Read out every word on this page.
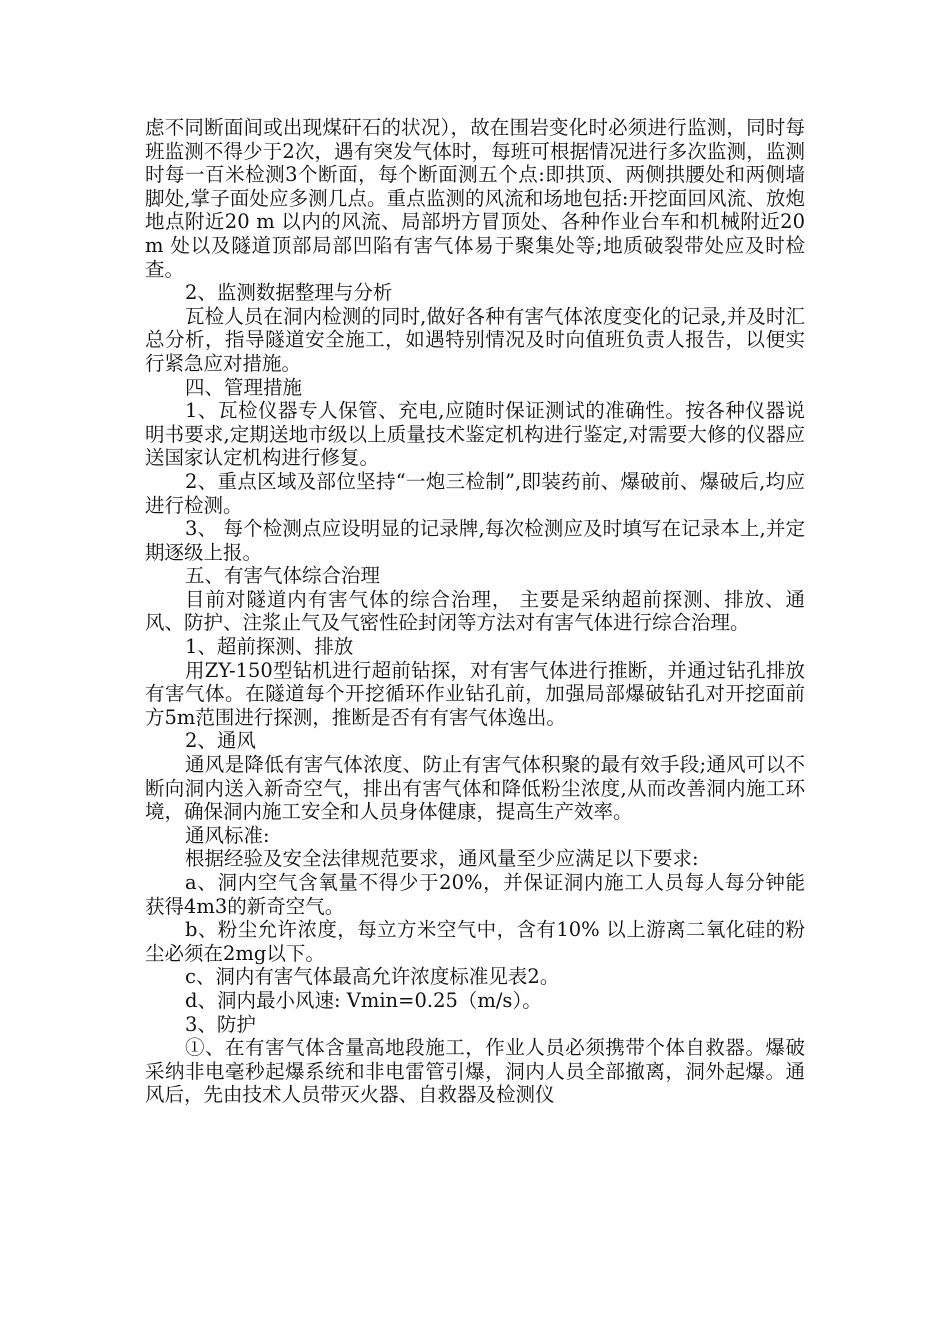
虑不同断面间或出现煤矸石的状况），故在围岩变化时必须进行监测，同时每班监测不得少于2次，遇有突发气体时，每班可根据情况进行多次监测，监测时每一百米检测3个断面，每个断面测五个点:即拱顶、两侧拱腰处和两侧墙脚处,掌子面处应多测几点。重点监测的风流和场地包括:开挖面回风流、放炮地点附近20 m 以内的风流、局部坍方冒顶处、各种作业台车和机械附近20 m 处以及隧道顶部局部凹陷有害气体易于聚集处等;地质破裂带处应及时检查。

2、监测数据整理与分析

瓦检人员在洞内检测的同时,做好各种有害气体浓度变化的记录,并及时汇总分析，指导隧道安全施工，如遇特别情况及时向值班负责人报告，以便实行紧急应对措施。

四、管理措施

1、瓦检仪器专人保管、充电,应随时保证测试的准确性。按各种仪器说明书要求,定期送地市级以上质量技术鉴定机构进行鉴定,对需要大修的仪器应送国家认定机构进行修复。

2、重点区域及部位坚持“一炮三检制”,即装药前、爆破前、爆破后,均应进行检测。

3、 每个检测点应设明显的记录牌,每次检测应及时填写在记录本上,并定期逐级上报。

五、有害气体综合治理

目前对隧道内有害气体的综合治理， 主要是采纳超前探测、排放、通风、防护、注浆止气及气密性砼封闭等方法对有害气体进行综合治理。

1、超前探测、排放

用ZY-150型钻机进行超前钻探，对有害气体进行推断，并通过钻孔排放有害气体。在隧道每个开挖循环作业钻孔前，加强局部爆破钻孔对开挖面前方5m范围进行探测，推断是否有有害气体逸出。

2、通风

通风是降低有害气体浓度、防止有害气体积聚的最有效手段;通风可以不断向洞内送入新奇空气，排出有害气体和降低粉尘浓度,从而改善洞内施工环境，确保洞内施工安全和人员身体健康，提高生产效率。

通风标准:

根据经验及安全法律规范要求，通风量至少应满足以下要求:

a、洞内空气含氧量不得少于20%，并保证洞内施工人员每人每分钟能获得4m3的新奇空气。

b、粉尘允许浓度，每立方米空气中，含有10% 以上游离二氧化硅的粉尘必须在2mg以下。

c、洞内有害气体最高允许浓度标准见表2。

d、洞内最小风速: Vmin=0.25（m/s）。

3、防护

①、在有害气体含量高地段施工，作业人员必须携带个体自救器。爆破采纳非电毫秒起爆系统和非电雷管引爆，洞内人员全部撤离，洞外起爆。通风后，先由技术人员带灭火器、自救器及检测仪
